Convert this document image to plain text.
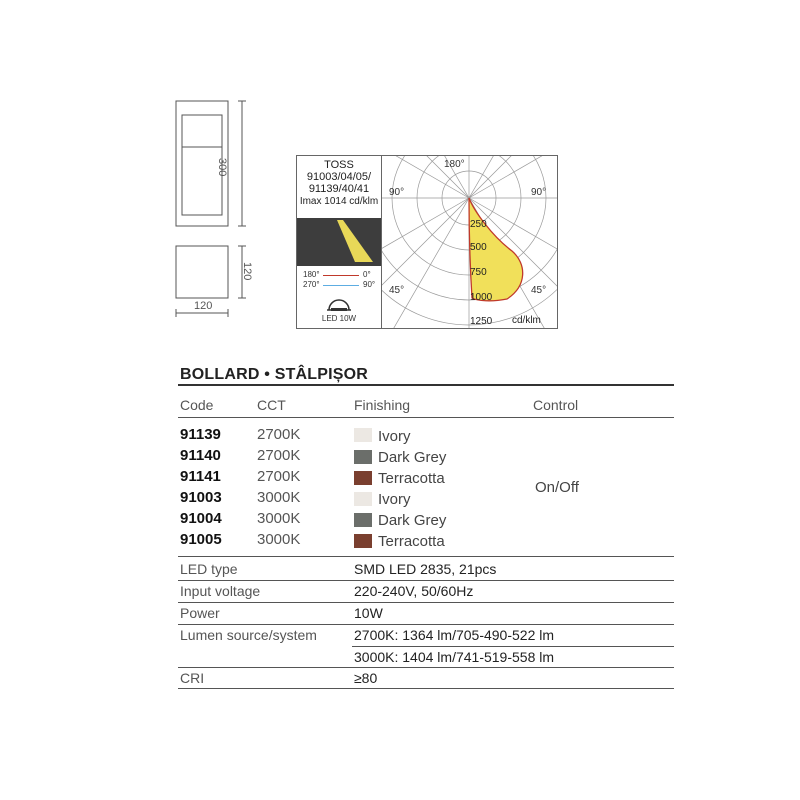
300
120
120
TOSS
91003/04/05/
91139/40/41
Imax 1014 cd/klm
180°	0°
270°	90°
LED 10W
180°
90°	90°
45°	45°
250
500
750
1000
1250 cd/klm
BOLLARD • STÂLPIȘOR
Code	CCT	Finishing	Control
91139 2700K	Ivory
91140 2700K	Dark Grey
91141 2700K	Terracotta
91003 3000K	Ivory
91004 3000K	Dark Grey
91005 3000K	Terracotta
On/Off
LED type	SMD LED 2835, 21pcs
Input voltage	220-240V, 50/60Hz
Power	10W
Lumen source/system	2700K: 1364 lm/705-490-522 lm
3000K: 1404 lm/741-519-558 lm
CRI	≥80
